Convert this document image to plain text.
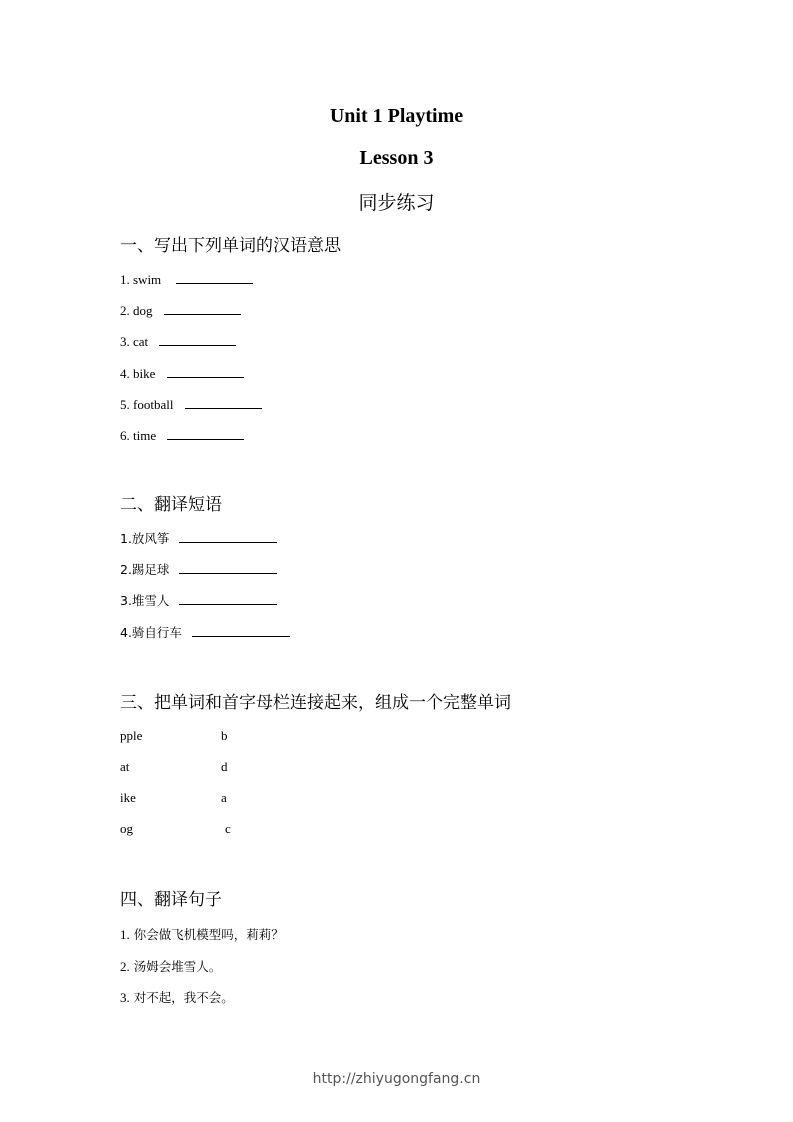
Unit 1 Playtime
Lesson 3
同步练习
一、写出下列单词的汉语意思
1. swim
2. dog
3. cat
4. bike
5. football
6. time
二、翻译短语
1.放风筝
2.踢足球
3.堆雪人
4.骑自行车
三、把单词和首字母栏连接起来，组成一个完整单词
pple	b
at	d
ike	a
og	c
四、翻译句子
1. 你会做飞机模型吗，莉莉？
2. 汤姆会堆雪人。
3. 对不起，我不会。
http://zhiyugongfang.cn
